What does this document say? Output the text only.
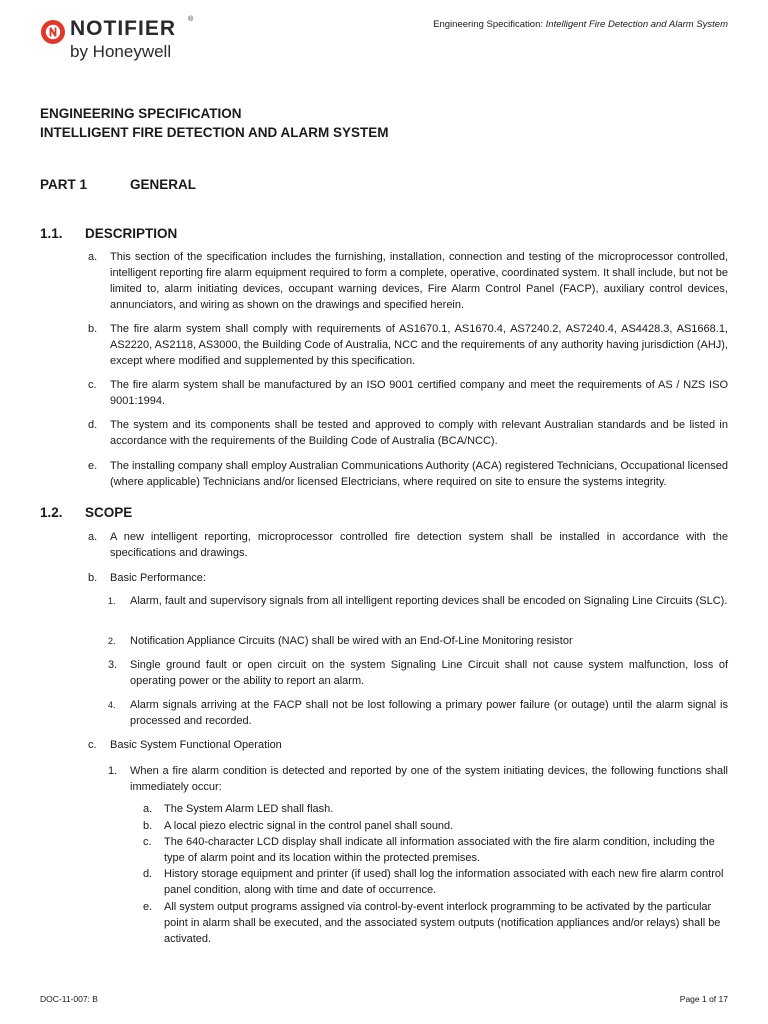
NOTIFIER ®
by Honeywell
Engineering Specification: Intelligent Fire Detection and Alarm System
ENGINEERING SPECIFICATION
INTELLIGENT FIRE DETECTION AND ALARM SYSTEM
PART 1	GENERAL
1.1. DESCRIPTION
a. This section of the specification includes the furnishing, installation, connection and testing of the microprocessor controlled, intelligent reporting fire alarm equipment required to form a complete, operative, coordinated system. It shall include, but not be limited to, alarm initiating devices, occupant warning devices, Fire Alarm Control Panel (FACP), auxiliary control devices, annunciators, and wiring as shown on the drawings and specified herein.
b. The fire alarm system shall comply with requirements of AS1670.1, AS1670.4, AS7240.2, AS7240.4, AS4428.3, AS1668.1, AS2220, AS2118, AS3000, the Building Code of Australia, NCC and the requirements of any authority having jurisdiction (AHJ), except where modified and supplemented by this specification.
c. The fire alarm system shall be manufactured by an ISO 9001 certified company and meet the requirements of AS / NZS ISO 9001:1994.
d. The system and its components shall be tested and approved to comply with relevant Australian standards and be listed in accordance with the requirements of the Building Code of Australia (BCA/NCC).
e. The installing company shall employ Australian Communications Authority (ACA) registered Technicians, Occupational licensed (where applicable) Technicians and/or licensed Electricians, where required on site to ensure the systems integrity.
1.2. SCOPE
a. A new intelligent reporting, microprocessor controlled fire detection system shall be installed in accordance with the specifications and drawings.
b. Basic Performance:
1. Alarm, fault and supervisory signals from all intelligent reporting devices shall be encoded on Signaling Line Circuits (SLC).
2. Notification Appliance Circuits (NAC) shall be wired with an End-Of-Line Monitoring resistor
3. Single ground fault or open circuit on the system Signaling Line Circuit shall not cause system malfunction, loss of operating power or the ability to report an alarm.
4. Alarm signals arriving at the FACP shall not be lost following a primary power failure (or outage) until the alarm signal is processed and recorded.
c. Basic System Functional Operation
1. When a fire alarm condition is detected and reported by one of the system initiating devices, the following functions shall immediately occur:
a. The System Alarm LED shall flash.
b. A local piezo electric signal in the control panel shall sound.
c. The 640-character LCD display shall indicate all information associated with the fire alarm condition, including the type of alarm point and its location within the protected premises.
d. History storage equipment and printer (if used) shall log the information associated with each new fire alarm control panel condition, along with time and date of occurrence.
e. All system output programs assigned via control-by-event interlock programming to be activated by the particular point in alarm shall be executed, and the associated system outputs (notification appliances and/or relays) shall be activated.
DOC-11-007: B	Page 1 of 17
